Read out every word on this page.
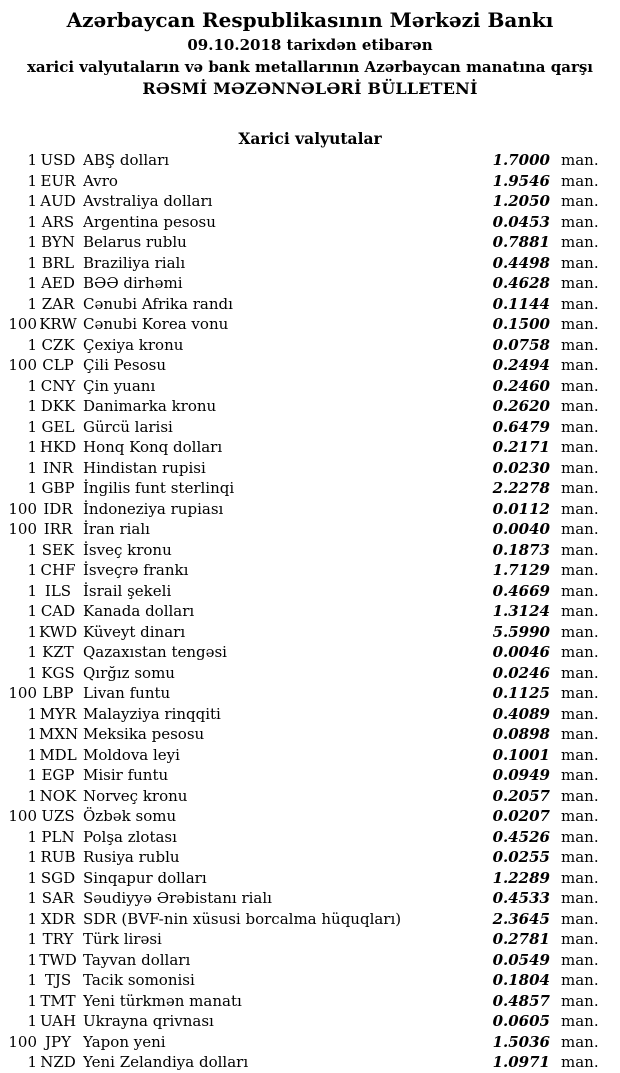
Azərbaycan Respublikasının Mərkəzi Bankı
09.10.2018 tarixdən etibarən
xarici valyutaların və bank metallarının Azərbaycan manatına qarşı
RƏSMİ MƏZƏNNƏLƏRİ BÜLLETENİ
Xarici valyutalar
1 USD ABŞ dolları	1.7000 man.
1 EUR Avro	1.9546 man.
1 AUD Avstraliya dolları	1.2050 man.
1 ARS Argentina pesosu	0.0453 man.
1 BYN Belarus rublu	0.7881 man.
1 BRL Braziliya rialı	0.4498 man.
1 AED BƏƏ dirhəmi	0.4628 man.
1 ZAR Cənubi Afrika randı	0.1144 man.
100 KRW Cənubi Korea vonu	0.1500 man.
1 CZK Çexiya kronu	0.0758 man.
100 CLP Çili Pesosu	0.2494 man.
1 CNY Çin yuanı	0.2460 man.
1 DKK Danimarka kronu	0.2620 man.
1 GEL Gürcü larisi	0.6479 man.
1 HKD Honq Konq dolları	0.2171 man.
1 INR Hindistan rupisi	0.0230 man.
1 GBP İngilis funt sterlinqi	2.2278 man.
100 IDR İndoneziya rupiası	0.0112 man.
100 IRR İran rialı	0.0040 man.
1 SEK İsveç kronu	0.1873 man.
1 CHF İsveçrə frankı	1.7129 man.
1 ILS İsrail şekeli	0.4669 man.
1 CAD Kanada dolları	1.3124 man.
1 KWD Küveyt dinarı	5.5990 man.
1 KZT Qazaxıstan tengəsi	0.0046 man.
1 KGS Qırğız somu	0.0246 man.
100 LBP Livan funtu	0.1125 man.
1 MYR Malayziya rinqqiti	0.4089 man.
1 MXN Meksika pesosu	0.0898 man.
1 MDL Moldova leyi	0.1001 man.
1 EGP Misir funtu	0.0949 man.
1 NOK Norveç kronu	0.2057 man.
100 UZS Özbək somu	0.0207 man.
1 PLN Polşa zlotası	0.4526 man.
1 RUB Rusiya rublu	0.0255 man.
1 SGD Sinqapur dolları	1.2289 man.
1 SAR Səudiyyə Ərəbistanı rialı	0.4533 man.
1 XDR SDR (BVF-nin xüsusi borcalma hüquqları)	2.3645 man.
1 TRY Türk lirəsi	0.2781 man.
1 TWD Tayvan dolları	0.0549 man.
1 TJS Tacik somonisi	0.1804 man.
1 TMT Yeni türkmən manatı	0.4857 man.
1 UAH Ukrayna qrivnası	0.0605 man.
100 JPY Yapon yeni	1.5036 man.
1 NZD Yeni Zelandiya dolları	1.0971 man.
